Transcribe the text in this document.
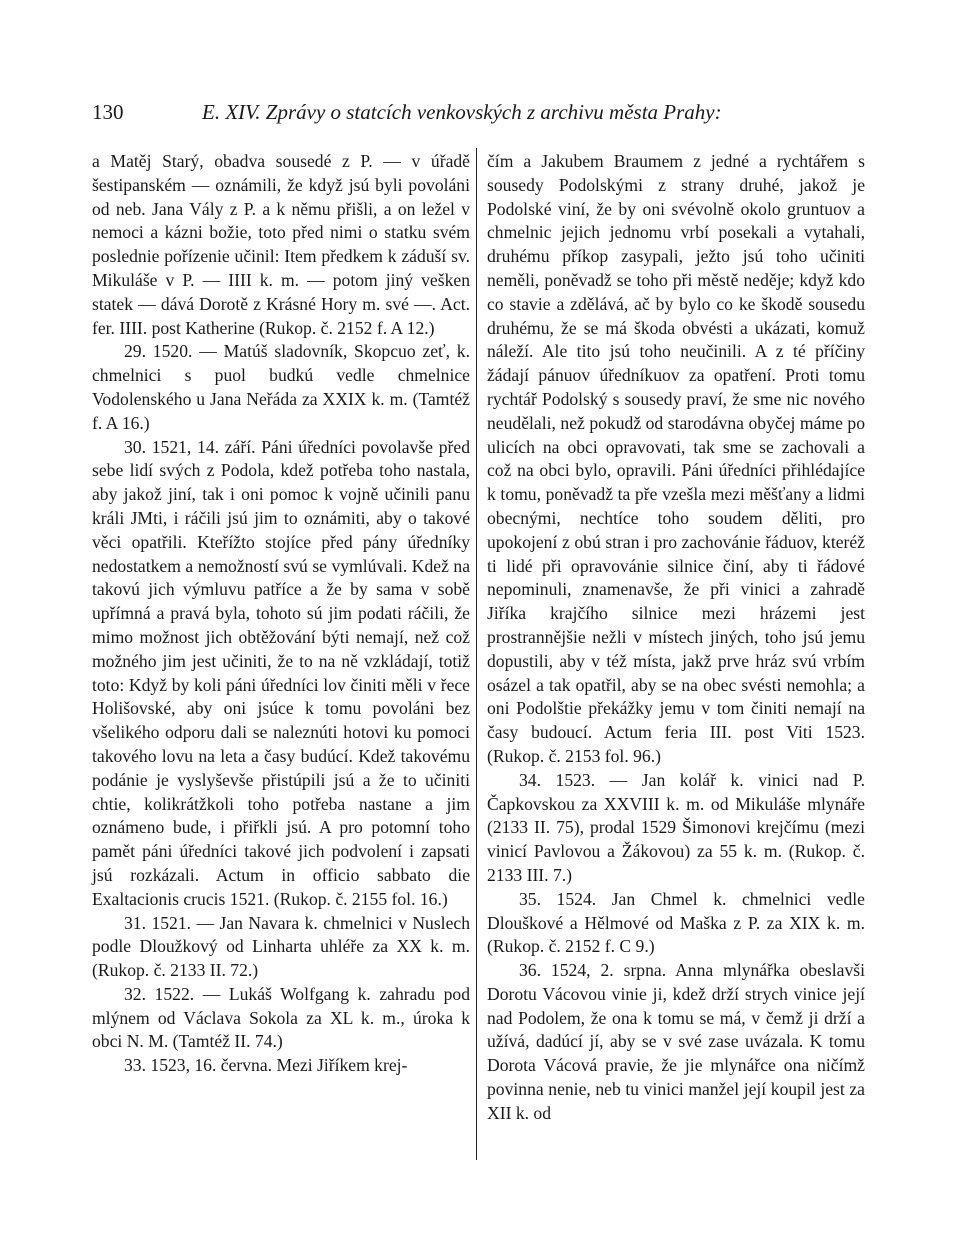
130	E. XIV. Zprávy o statcích venkovských z archivu města Prahy:

a Matěj Starý, obadva sousedé z P. — v úřadě šestipanském — oznámili, že když jsú byli povoláni od neb. Jana Vály z P. a k němu přišli, a on ležel v nemoci a kázni božie, toto před nimi o statku svém poslednie pořízenie učinil: Item předkem k záduší sv. Mikuláše v P. — IIII k. m. — potom jiný vešken statek — dává Dorotě z Krásné Hory m. své —. Act. fer. IIII. post Katherine (Rukop. č. 2152 f. A 12.)

29. 1520. — Matúš sladovník, Skopcuo zeť, k. chmelnici s puol budkú vedle chmelnice Vodolenského u Jana Neřáda za XXIX k. m. (Tamtéž f. A 16.)

30. 1521, 14. září. Páni úředníci povolavše před sebe lidí svých z Podola, kdež potřeba toho nastala, aby jakož jiní, tak i oni pomoc k vojně učinili panu králi JMti, i ráčili jsú jim to oznámiti, aby o takové věci opatřili. Kteřížto stojíce před pány úředníky nedostatkem a nemožností svú se vymlúvali. Kdež na takovú jich výmluvu patříce a že by sama v sobě upřímná a pravá byla, tohoto sú jim podati ráčili, že mimo možnost jich obtěžování býti nemají, než což možného jim jest učiniti, že to na ně vzkládají, totiž toto: Když by koli páni úředníci lov činiti měli v řece Holišovské, aby oni jsúce k tomu povoláni bez všelikého odporu dali se naleznúti hotovi ku pomoci takového lovu na leta a časy budúcí. Kdež takovému podánie je vyslyševše přistúpili jsú a že to učiniti chtie, kolikrátžkoli toho potřeba nastane a jim oznámeno bude, i přiřkli jsú. A pro potomní toho pamět páni úředníci takové jich podvolení i zapsati jsú rozkázali. Actum in officio sabbato die Exaltacionis crucis 1521. (Rukop. č. 2155 fol. 16.)

31. 1521. — Jan Navara k. chmelnici v Nuslech podle Dloužkový od Linharta uhléře za XX k. m. (Rukop. č. 2133 II. 72.)

32. 1522. — Lukáš Wolfgang k. zahradu pod mlýnem od Václava Sokola za XL k. m., úroka k obci N. M. (Tamtéž II. 74.)

33. 1523, 16. června. Mezi Jiříkem krej-

čím a Jakubem Braumem z jedné a rychtářem s sousedy Podolskými z strany druhé, jakož je Podolské viní, že by oni svévolně okolo gruntuov a chmelnic jejich jednomu vrbí posekali a vytahali, druhému příkop zasypali, ježto jsú toho učiniti neměli, poněvadž se toho při městě neděje; když kdo co stavie a zdělává, ač by bylo co ke škodě sousedu druhému, že se má škoda obvésti a ukázati, komuž náleží. Ale tito jsú toho neučinili. A z té příčiny žádají pánuov úředníkuov za opatření. Proti tomu rychtář Podolský s sousedy praví, že sme nic nového neudělali, než pokudž od starodávna obyčej máme po ulicích na obci opravovati, tak sme se zachovali a což na obci bylo, opravili. Páni úředníci přihlédajíce k tomu, poněvadž ta pře vzešla mezi měšťany a lidmi obecnými, nechtíce toho soudem děliti, pro upokojení z obú stran i pro zachovánie řáduov, kteréž ti lidé při opravovánie silnice činí, aby ti řádové nepominuli, znamenavše, že při vinici a zahradě Jiříka krajčího silnice mezi hrázemi jest prostrannějšie nežli v místech jiných, toho jsú jemu dopustili, aby v též místa, jakž prve hráz svú vrbím osázel a tak opatřil, aby se na obec svésti nemohla; a oni Podolštie překážky jemu v tom činiti nemají na časy budoucí. Actum feria III. post Viti 1523. (Rukop. č. 2153 fol. 96.)

34. 1523. — Jan kolář k. vinici nad P. Čapkovskou za XXVIII k. m. od Mikuláše mlynáře (2133 II. 75), prodal 1529 Šimonovi krejčímu (mezi vinicí Pavlovou a Žákovou) za 55 k. m. (Rukop. č. 2133 III. 7.)

35. 1524. Jan Chmel k. chmelnici vedle Dlouškové a Hělmové od Maška z P. za XIX k. m. (Rukop. č. 2152 f. C 9.)

36. 1524, 2. srpna. Anna mlynářka obeslavši Dorotu Vácovou vinie ji, kdež drží strych vinice její nad Podolem, že ona k tomu se má, v čemž ji drží a užívá, dadúcí jí, aby se v své zase uvázala. K tomu Dorota Vácová pravie, že jie mlynářce ona ničímž povinna nenie, neb tu vinici manžel její koupil jest za XII k. od
